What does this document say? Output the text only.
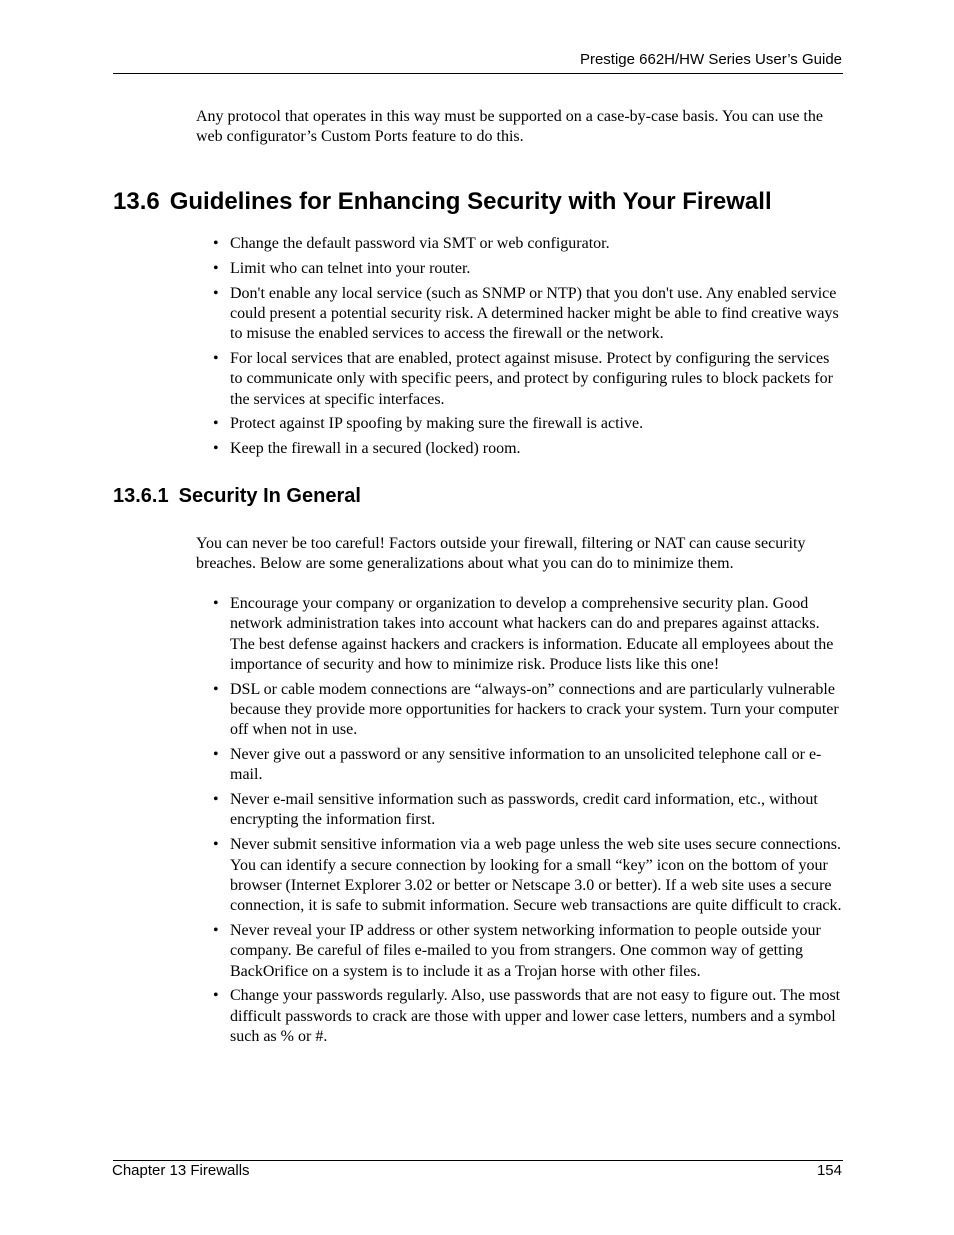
Prestige 662H/HW Series User’s Guide

Any protocol that operates in this way must be supported on a case-by-case basis. You can use the web configurator’s Custom Ports feature to do this.

13.6 Guidelines for Enhancing Security with Your Firewall
• Change the default password via SMT or web configurator.
• Limit who can telnet into your router.
• Don't enable any local service (such as SNMP or NTP) that you don't use. Any enabled service could present a potential security risk. A determined hacker might be able to find creative ways to misuse the enabled services to access the firewall or the network.
• For local services that are enabled, protect against misuse. Protect by configuring the services to communicate only with specific peers, and protect by configuring rules to block packets for the services at specific interfaces.
• Protect against IP spoofing by making sure the firewall is active.
• Keep the firewall in a secured (locked) room.
13.6.1 Security In General

You can never be too careful! Factors outside your firewall, filtering or NAT can cause security breaches. Below are some generalizations about what you can do to minimize them.

• Encourage your company or organization to develop a comprehensive security plan. Good network administration takes into account what hackers can do and prepares against attacks. The best defense against hackers and crackers is information. Educate all employees about the importance of security and how to minimize risk. Produce lists like this one!
• DSL or cable modem connections are “always-on” connections and are particularly vulnerable because they provide more opportunities for hackers to crack your system. Turn your computer off when not in use.
• Never give out a password or any sensitive information to an unsolicited telephone call or e-mail.
• Never e-mail sensitive information such as passwords, credit card information, etc., without encrypting the information first.
• Never submit sensitive information via a web page unless the web site uses secure connections. You can identify a secure connection by looking for a small “key” icon on the bottom of your browser (Internet Explorer 3.02 or better or Netscape 3.0 or better). If a web site uses a secure connection, it is safe to submit information. Secure web transactions are quite difficult to crack.
• Never reveal your IP address or other system networking information to people outside your company. Be careful of files e-mailed to you from strangers. One common way of getting BackOrifice on a system is to include it as a Trojan horse with other files.
• Change your passwords regularly. Also, use passwords that are not easy to figure out. The most difficult passwords to crack are those with upper and lower case letters, numbers and a symbol such as % or #.
Chapter 13 Firewalls	154
